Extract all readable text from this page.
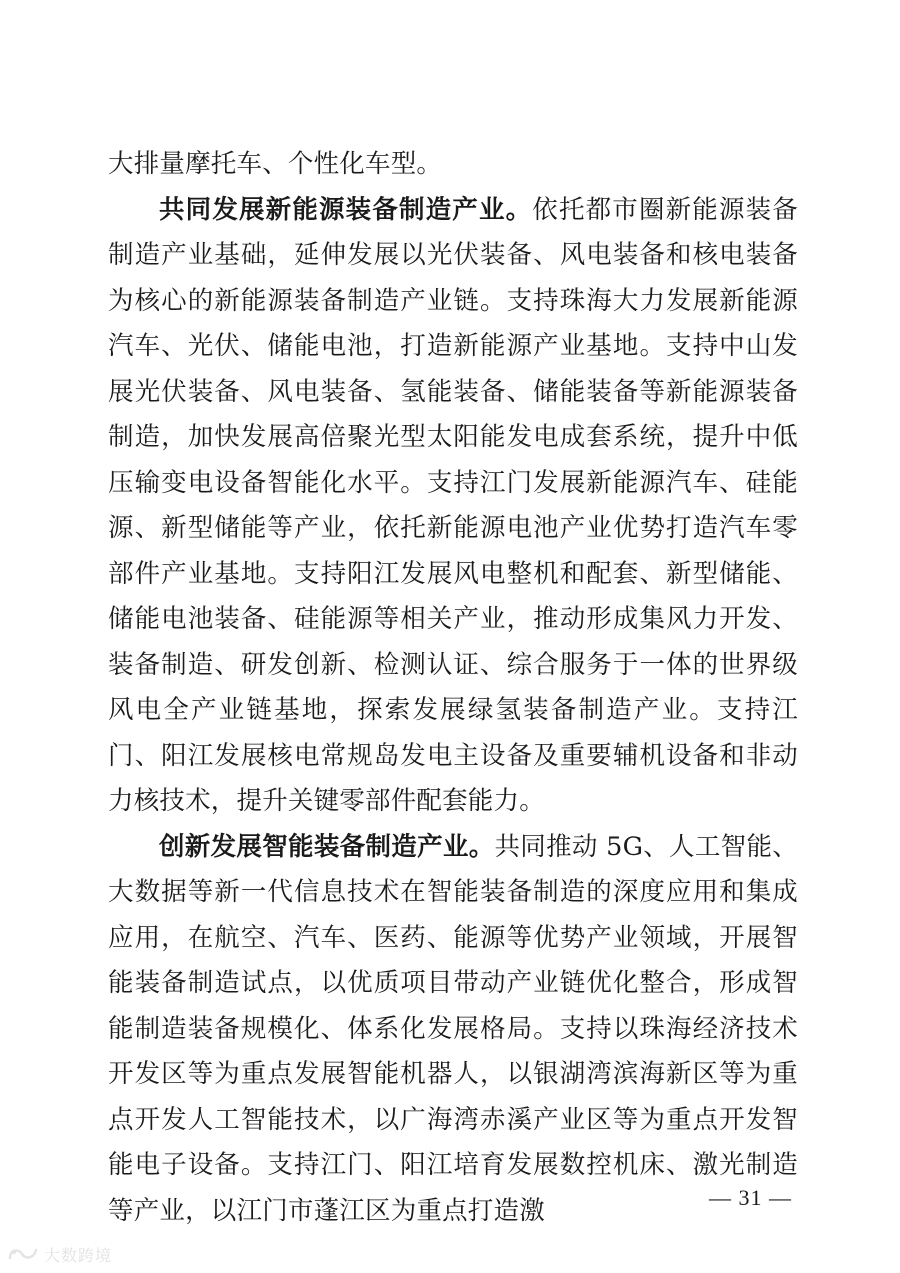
大排量摩托车、个性化车型。

共同发展新能源装备制造产业。依托都市圈新能源装备制造产业基础，延伸发展以光伏装备、风电装备和核电装备为核心的新能源装备制造产业链。支持珠海大力发展新能源汽车、光伏、储能电池，打造新能源产业基地。支持中山发展光伏装备、风电装备、氢能装备、储能装备等新能源装备制造，加快发展高倍聚光型太阳能发电成套系统，提升中低压输变电设备智能化水平。支持江门发展新能源汽车、硅能源、新型储能等产业，依托新能源电池产业优势打造汽车零部件产业基地。支持阳江发展风电整机和配套、新型储能、储能电池装备、硅能源等相关产业，推动形成集风力开发、装备制造、研发创新、检测认证、综合服务于一体的世界级风电全产业链基地，探索发展绿氢装备制造产业。支持江门、阳江发展核电常规岛发电主设备及重要辅机设备和非动力核技术，提升关键零部件配套能力。

创新发展智能装备制造产业。共同推动 5G、人工智能、大数据等新一代信息技术在智能装备制造的深度应用和集成应用，在航空、汽车、医药、能源等优势产业领域，开展智能装备制造试点，以优质项目带动产业链优化整合，形成智能制造装备规模化、体系化发展格局。支持以珠海经济技术开发区等为重点发展智能机器人，以银湖湾滨海新区等为重点开发人工智能技术，以广海湾赤溪产业区等为重点开发智能电子设备。支持江门、阳江培育发展数控机床、激光制造等产业，以江门市蓬江区为重点打造激	— 31 —
大数跨境
